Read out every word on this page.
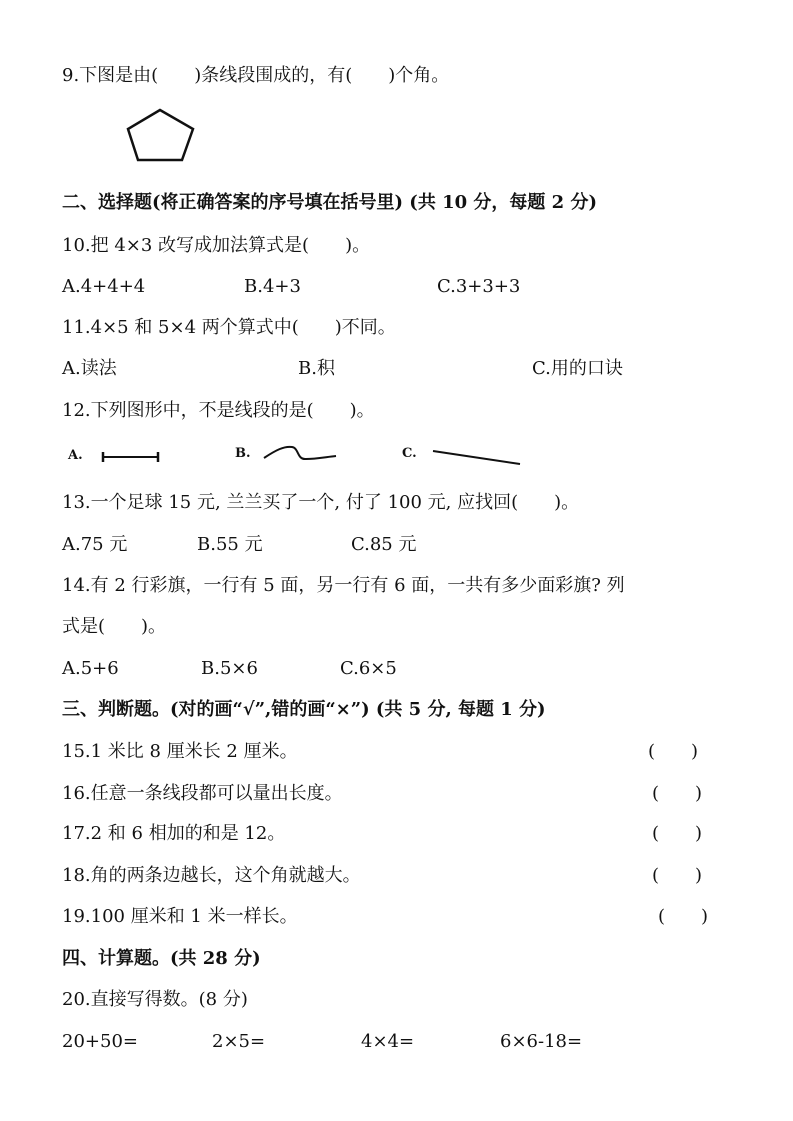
9.下图是由(　　)条线段围成的，有(　　)个角。
二、选择题(将正确答案的序号填在括号里) (共 10 分，每题 2 分)
10.把 4×3 改写成加法算式是(　　)。
A.4+4+4	B.4+3	C.3+3+3
11.4×5 和 5×4 两个算式中(　　)不同。
A.读法	B.积	C.用的口诀
12.下列图形中，不是线段的是(　　)。
A.	B.	C.
13.一个足球 15 元, 兰兰买了一个, 付了 100 元, 应找回(　　)。
A.75 元	B.55 元	C.85 元
14.有 2 行彩旗，一行有 5 面，另一行有 6 面，一共有多少面彩旗? 列
式是(　　)。
A.5+6	B.5×6	C.6×5
三、判断题。(对的画“√”,错的画“×”) (共 5 分, 每题 1 分)
15.1 米比 8 厘米长 2 厘米。	(　　)
16.任意一条线段都可以量出长度。	(　　)
17.2 和 6 相加的和是 12。	(　　)
18.角的两条边越长，这个角就越大。	(　　)
19.100 厘米和 1 米一样长。	(　　)
四、计算题。(共 28 分)
20.直接写得数。(8 分)
20+50=	2×5=	4×4=	6×6-18=
